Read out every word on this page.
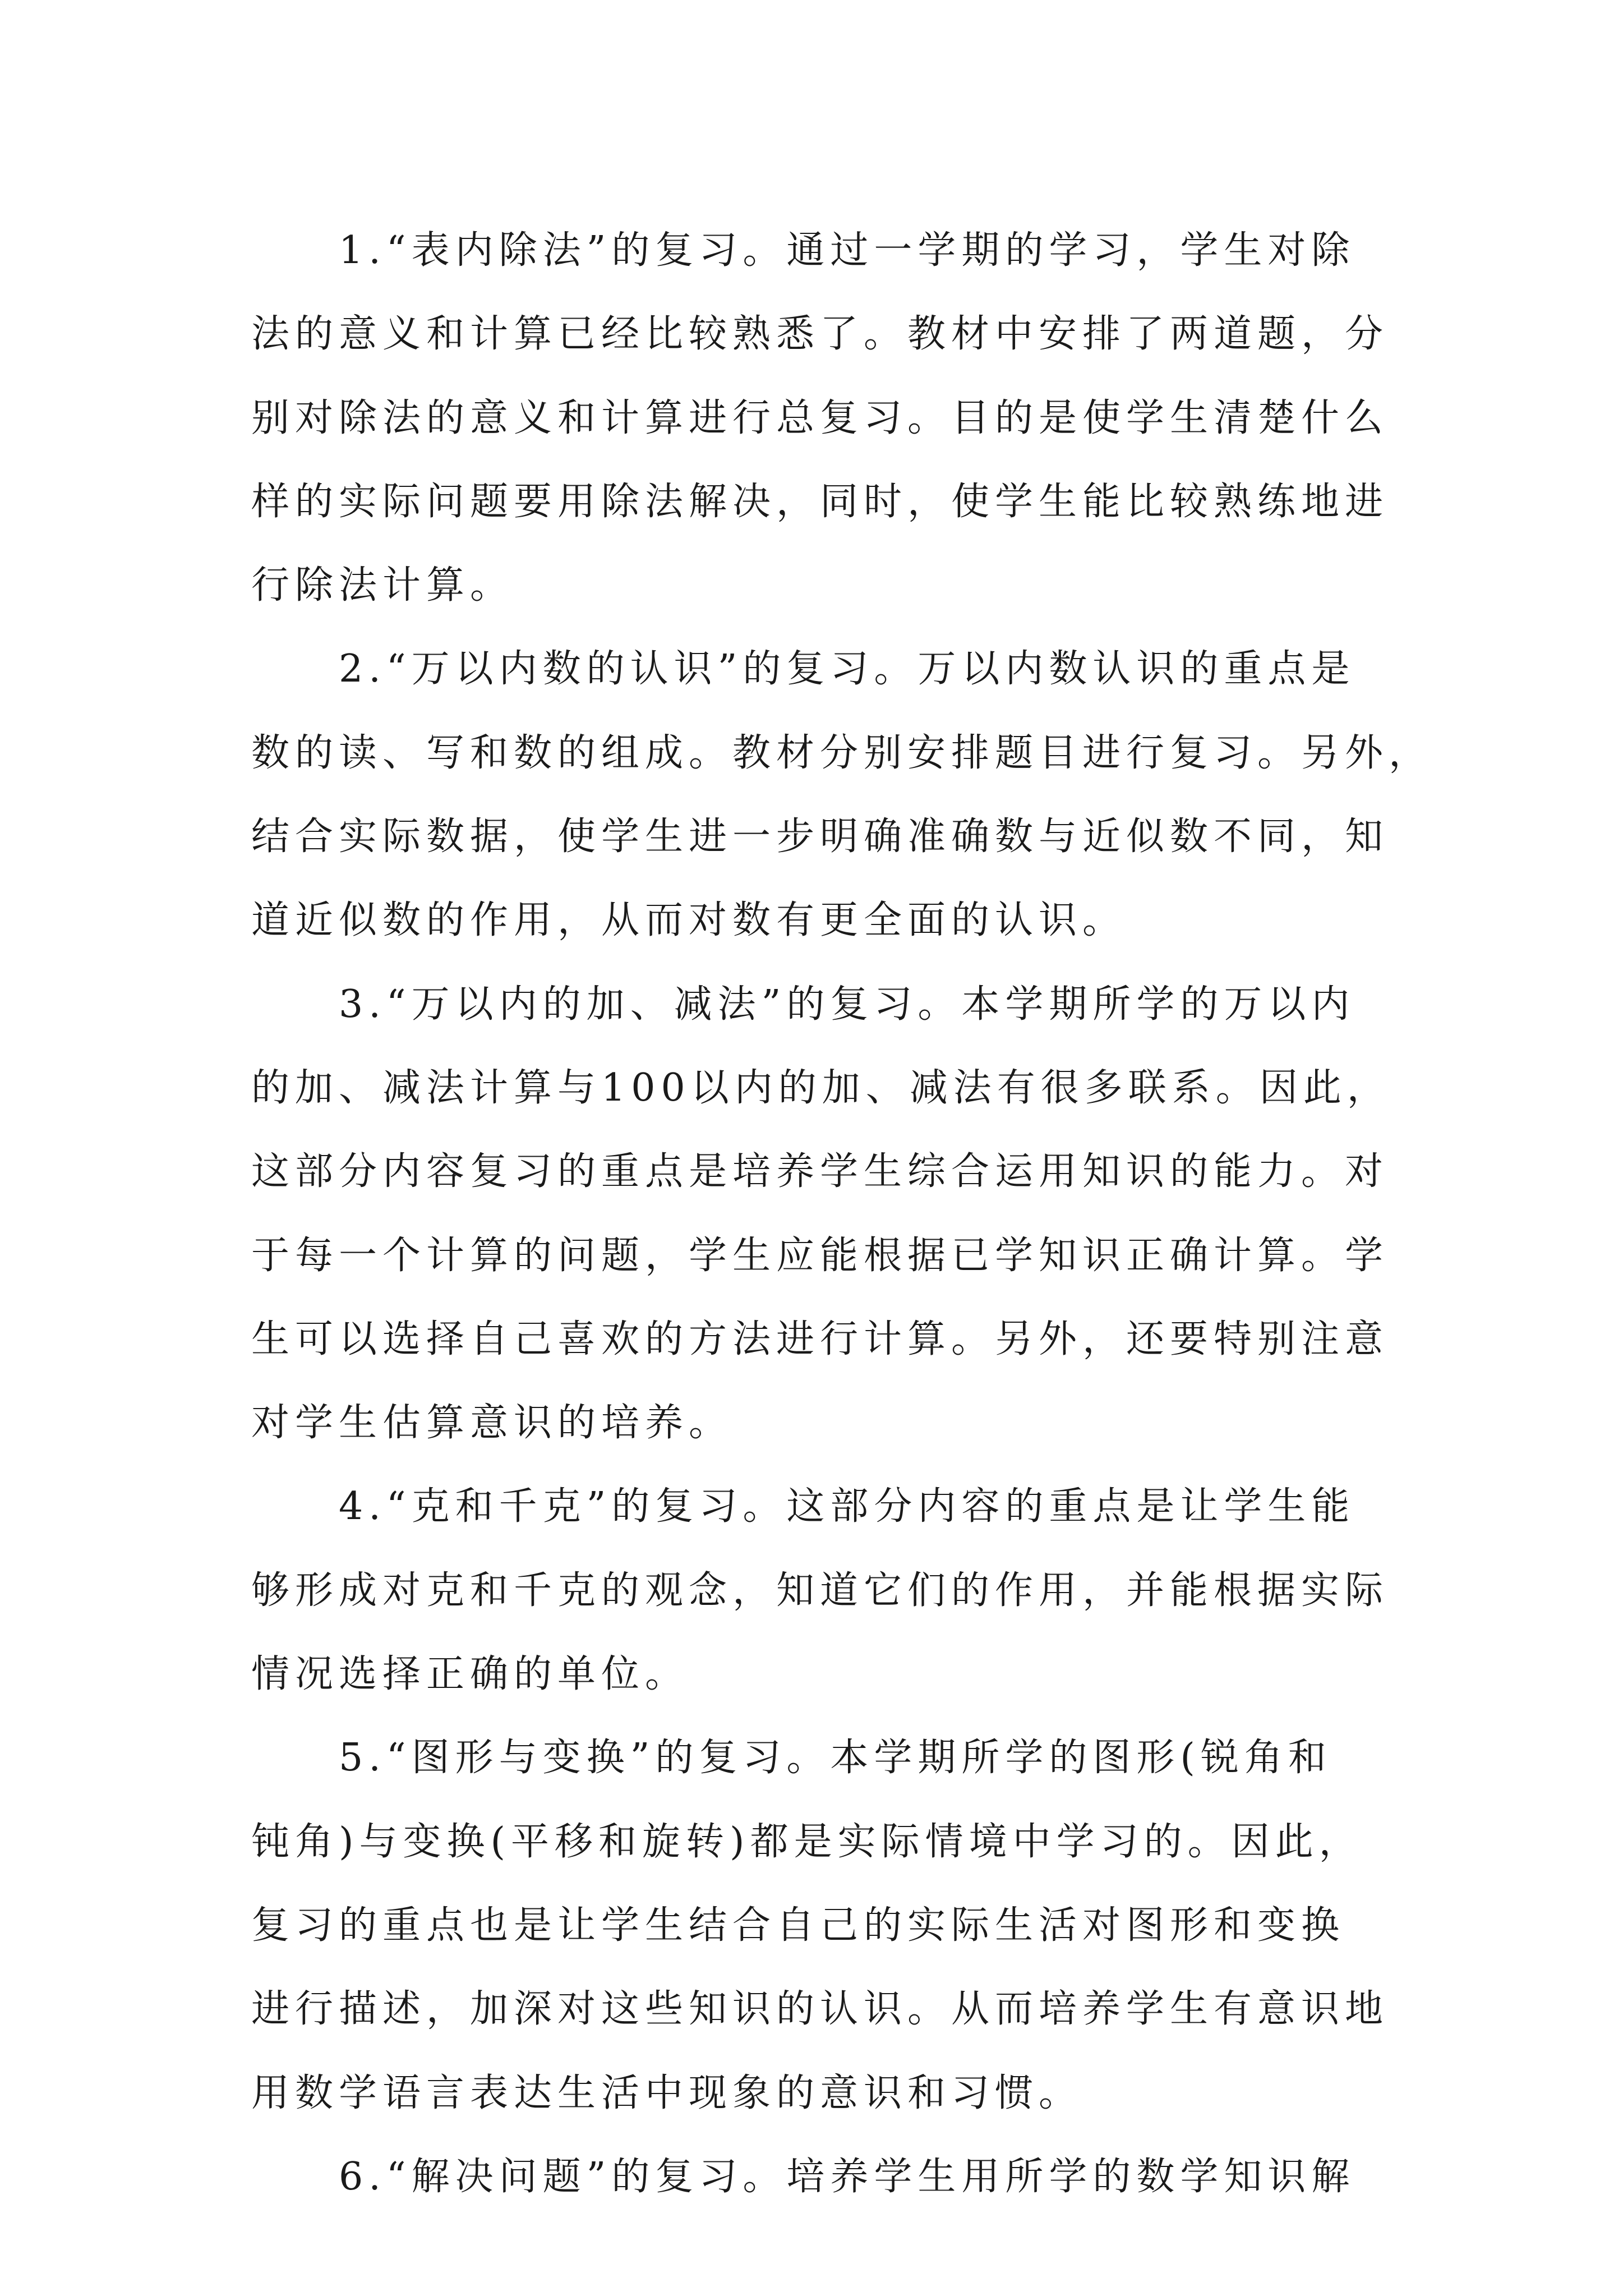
1.“表内除法”的复习。通过一学期的学习，学生对除
法的意义和计算已经比较熟悉了。教材中安排了两道题，分
别对除法的意义和计算进行总复习。目的是使学生清楚什么
样的实际问题要用除法解决，同时，使学生能比较熟练地进
行除法计算。
2.“万以内数的认识”的复习。万以内数认识的重点是
数的读、写和数的组成。教材分别安排题目进行复习。另外，
结合实际数据，使学生进一步明确准确数与近似数不同，知
道近似数的作用，从而对数有更全面的认识。
3.“万以内的加、减法”的复习。本学期所学的万以内
的加、减法计算与100以内的加、减法有很多联系。因此，
这部分内容复习的重点是培养学生综合运用知识的能力。对
于每一个计算的问题，学生应能根据已学知识正确计算。学
生可以选择自己喜欢的方法进行计算。另外，还要特别注意
对学生估算意识的培养。
4.“克和千克”的复习。这部分内容的重点是让学生能
够形成对克和千克的观念，知道它们的作用，并能根据实际
情况选择正确的单位。
5.“图形与变换”的复习。本学期所学的图形(锐角和
钝角)与变换(平移和旋转)都是实际情境中学习的。因此，
复习的重点也是让学生结合自己的实际生活对图形和变换
进行描述，加深对这些知识的认识。从而培养学生有意识地
用数学语言表达生活中现象的意识和习惯。
6.“解决问题”的复习。培养学生用所学的数学知识解
